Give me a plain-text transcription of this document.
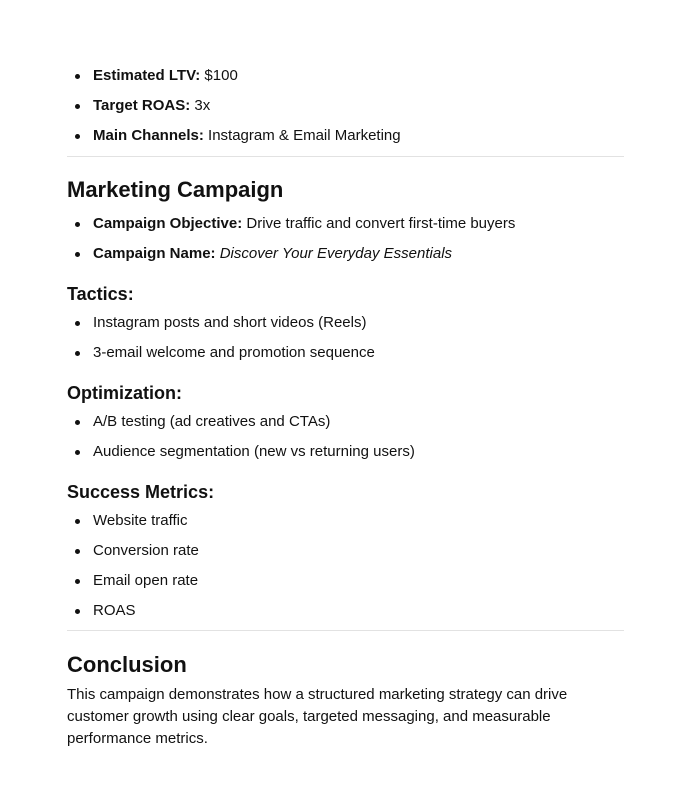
Estimated LTV: $100
Target ROAS: 3x
Main Channels: Instagram & Email Marketing
Marketing Campaign
Campaign Objective: Drive traffic and convert first-time buyers
Campaign Name: Discover Your Everyday Essentials
Tactics:
Instagram posts and short videos (Reels)
3-email welcome and promotion sequence
Optimization:
A/B testing (ad creatives and CTAs)
Audience segmentation (new vs returning users)
Success Metrics:
Website traffic
Conversion rate
Email open rate
ROAS
Conclusion

This campaign demonstrates how a structured marketing strategy can drive customer growth using clear goals, targeted messaging, and measurable performance metrics.
